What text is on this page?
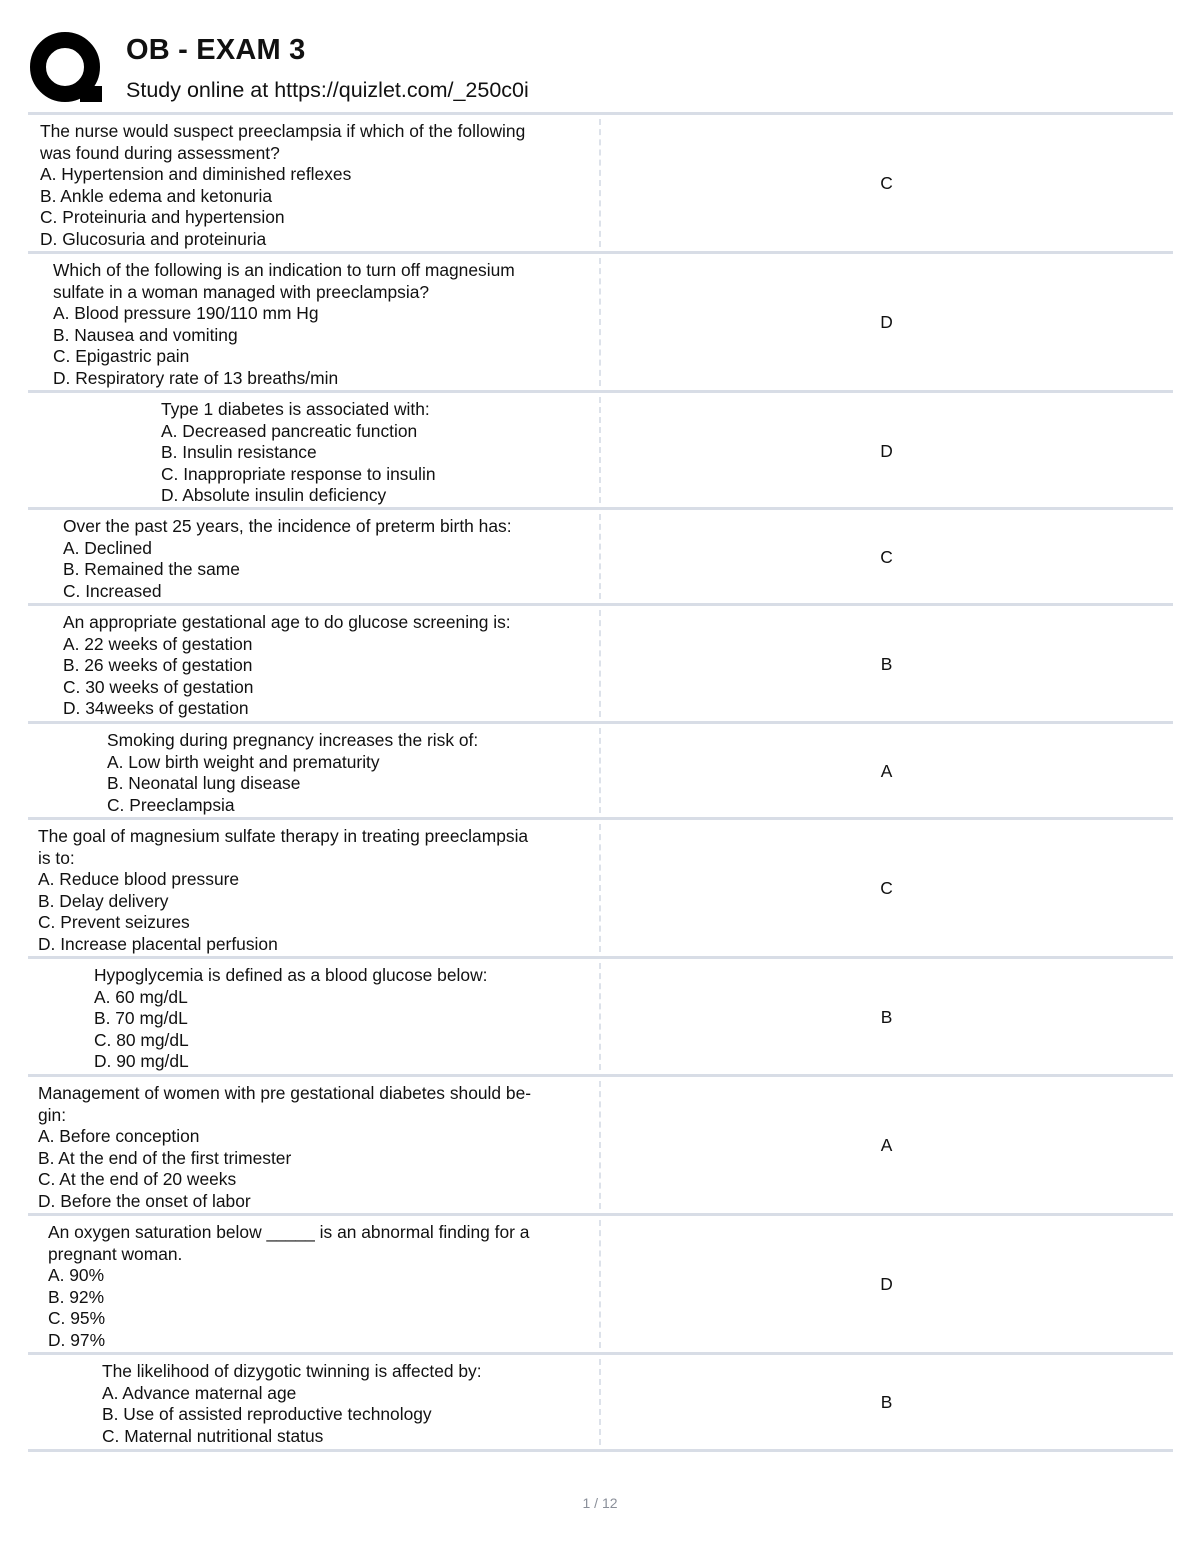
OB - EXAM 3
Study online at https://quizlet.com/_250c0i
The nurse would suspect preeclampsia if which of the following
was found during assessment?
A. Hypertension and diminished reflexes
B. Ankle edema and ketonuria
C. Proteinuria and hypertension
D. Glucosuria and proteinuria
C
Which of the following is an indication to turn off magnesium
sulfate in a woman managed with preeclampsia?
A. Blood pressure 190/110 mm Hg
B. Nausea and vomiting
C. Epigastric pain
D. Respiratory rate of 13 breaths/min
D
Type 1 diabetes is associated with:
A. Decreased pancreatic function
B. Insulin resistance
C. Inappropriate response to insulin
D. Absolute insulin deficiency
D
Over the past 25 years, the incidence of preterm birth has:
A. Declined
B. Remained the same
C. Increased
C
An appropriate gestational age to do glucose screening is:
A. 22 weeks of gestation
B. 26 weeks of gestation
C. 30 weeks of gestation
D. 34weeks of gestation
B
Smoking during pregnancy increases the risk of:
A. Low birth weight and prematurity
B. Neonatal lung disease
C. Preeclampsia
A
The goal of magnesium sulfate therapy in treating preeclampsia
is to:
A. Reduce blood pressure
B. Delay delivery
C. Prevent seizures
D. Increase placental perfusion
C
Hypoglycemia is defined as a blood glucose below:
A. 60 mg/dL
B. 70 mg/dL
C. 80 mg/dL
D. 90 mg/dL
B
Management of women with pre gestational diabetes should be-
gin:
A. Before conception
B. At the end of the first trimester
C. At the end of 20 weeks
D. Before the onset of labor
A
An oxygen saturation below _____ is an abnormal finding for a
pregnant woman.
A. 90%
B. 92%
C. 95%
D. 97%
D
The likelihood of dizygotic twinning is affected by:
A. Advance maternal age
B. Use of assisted reproductive technology
C. Maternal nutritional status
B
1 / 12
